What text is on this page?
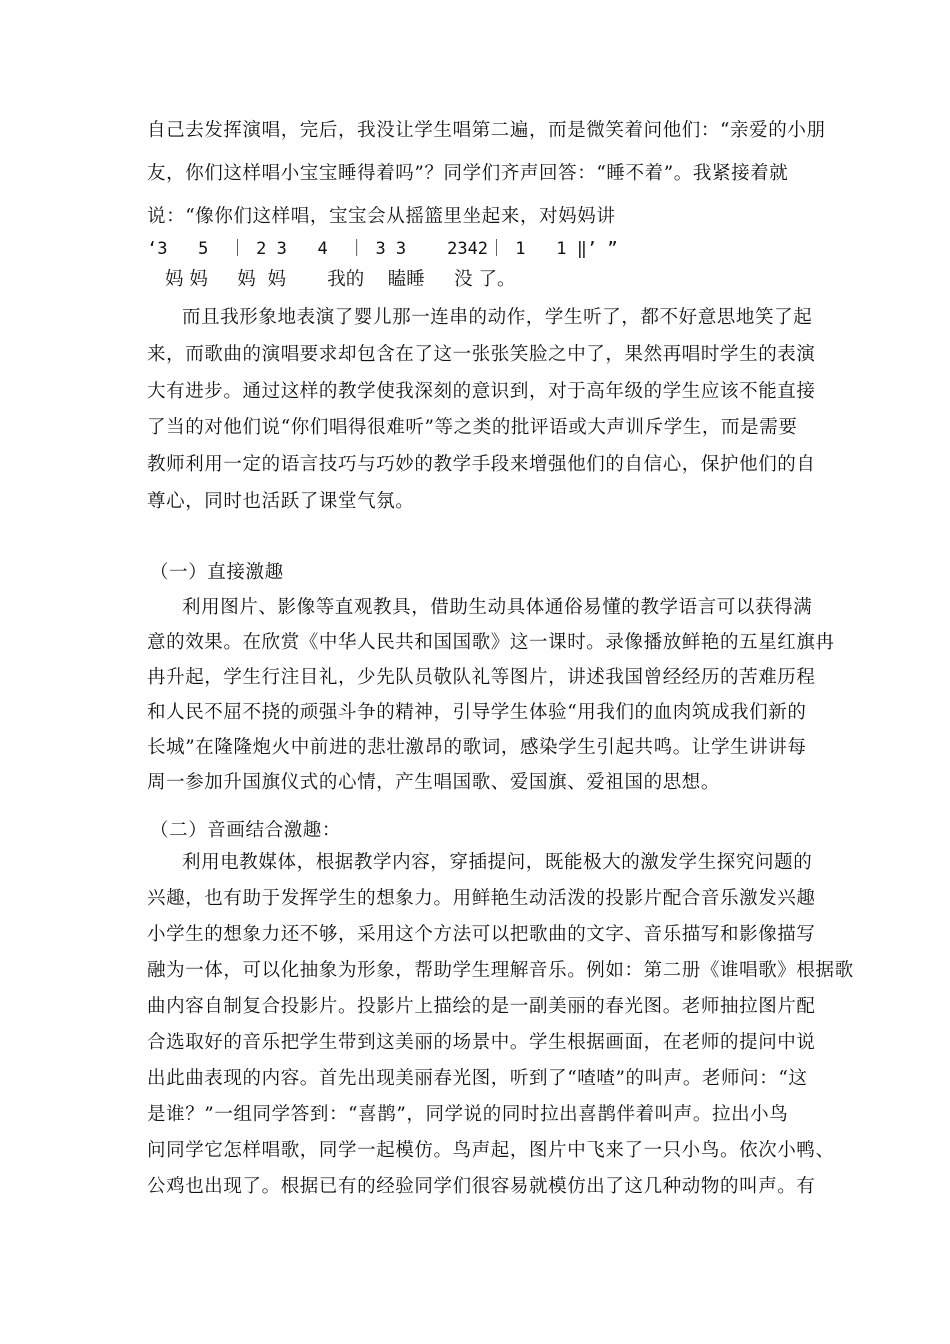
自己去发挥演唱，完后，我没让学生唱第二遍，而是微笑着问他们：“亲爱的小朋
友，你们这样唱小宝宝睡得着吗”？同学们齐声回答：“睡不着”。我紧接着就
说：“像你们这样唱，宝宝会从摇篮里坐起来，对妈妈讲
‘3   5  ｜ 2 3   4  ｜ 3 3    2342｜ 1   1 ‖’ ”
妈 妈     妈  妈       我的    瞌睡     没 了。
而且我形象地表演了婴儿那一连串的动作，学生听了，都不好意思地笑了起
来，而歌曲的演唱要求却包含在了这一张张笑脸之中了，果然再唱时学生的表演
大有进步。通过这样的教学使我深刻的意识到，对于高年级的学生应该不能直接
了当的对他们说“你们唱得很难听”等之类的批评语或大声训斥学生，而是需要
教师利用一定的语言技巧与巧妙的教学手段来增强他们的自信心，保护他们的自
尊心，同时也活跃了课堂气氛。
（一）直接激趣
利用图片、影像等直观教具，借助生动具体通俗易懂的教学语言可以获得满
意的效果。在欣赏《中华人民共和国国歌》这一课时。录像播放鲜艳的五星红旗冉
冉升起，学生行注目礼，少先队员敬队礼等图片，讲述我国曾经经历的苦难历程
和人民不屈不挠的顽强斗争的精神，引导学生体验“用我们的血肉筑成我们新的
长城”在隆隆炮火中前进的悲壮激昂的歌词，感染学生引起共鸣。让学生讲讲每
周一参加升国旗仪式的心情，产生唱国歌、爱国旗、爱祖国的思想。
（二）音画结合激趣：
利用电教媒体，根据教学内容，穿插提问，既能极大的激发学生探究问题的
兴趣，也有助于发挥学生的想象力。用鲜艳生动活泼的投影片配合音乐激发兴趣
小学生的想象力还不够，采用这个方法可以把歌曲的文字、音乐描写和影像描写
融为一体，可以化抽象为形象，帮助学生理解音乐。例如：第二册《谁唱歌》根据歌
曲内容自制复合投影片。投影片上描绘的是一副美丽的春光图。老师抽拉图片配
合选取好的音乐把学生带到这美丽的场景中。学生根据画面，在老师的提问中说
出此曲表现的内容。首先出现美丽春光图，听到了“喳喳”的叫声。老师问：“这
是谁？”一组同学答到：“喜鹊”，同学说的同时拉出喜鹊伴着叫声。拉出小鸟
问同学它怎样唱歌，同学一起模仿。鸟声起，图片中飞来了一只小鸟。依次小鸭、
公鸡也出现了。根据已有的经验同学们很容易就模仿出了这几种动物的叫声。有
